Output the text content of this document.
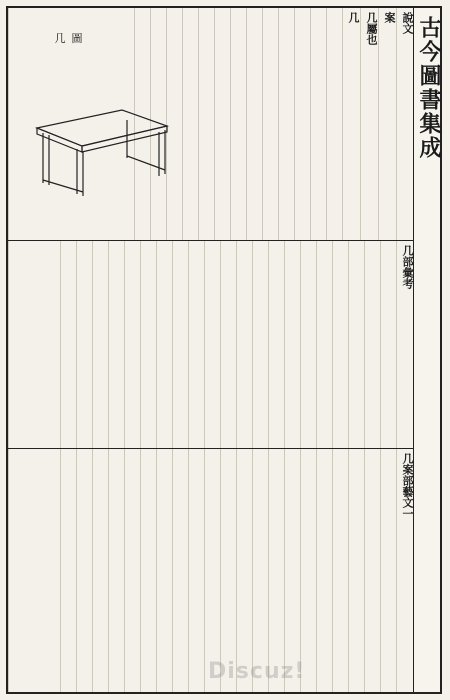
古今圖書集成
說文
案
几屬也
几
几圖
几部彙考
几案部藝文一
Discuz!
